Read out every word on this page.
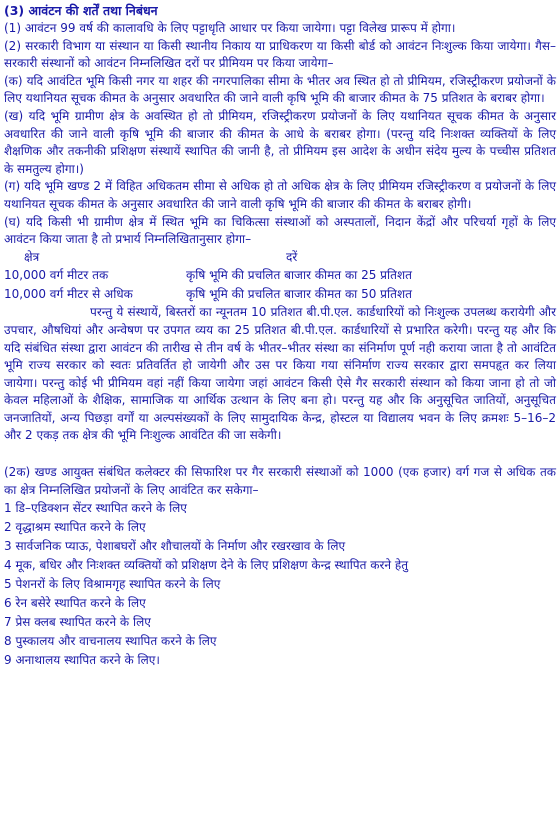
(3) आवंटन की शर्तें तथा निबंधन

(1) आवंटन 99 वर्ष की कालावधि के लिए पट्टाधृति आधार पर किया जायेगा। पट्टा विलेख प्रारूप में होगा।

(2) सरकारी विभाग या संस्थान या किसी स्थानीय निकाय या प्राधिकरण या किसी बोर्ड को आवंटन निःशुल्क किया जायेगा। गैस–सरकारी संस्थानों को आवंटन निम्नलिखित दरों पर प्रीमियम पर किया जायेगा–

(क) यदि आवंटित भूमि किसी नगर या शहर की नगरपालिका सीमा के भीतर अव स्थित हो तो प्रीमियम, रजिस्ट्रीकरण प्रयोजनों के लिए यथानियत सूचक कीमत के अनुसार अवधारित की जाने वाली कृषि भूमि की बाजार कीमत के 75 प्रतिशत के बराबर होगा।

(ख) यदि भूमि ग्रामीण क्षेत्र के अवस्थित हो तो प्रीमियम, रजिस्ट्रीकरण प्रयोजनों के लिए यथानियत सूचक कीमत के अनुसार अवधारित की जाने वाली कृषि भूमि की बाजार की कीमत के आधे के बराबर होगा। (परन्तु यदि निःशक्त व्यक्तियों के लिए शैक्षणिक और तकनीकी प्रशिक्षण संस्थायें स्थापित की जानी है, तो प्रीमियम इस आदेश के अधीन संदेय मुल्य के पच्चीस प्रतिशत के समतुल्य होगा।)

(ग) यदि भूमि खण्ड 2 में विहित अधिकतम सीमा से अधिक हो तो अधिक क्षेत्र के लिए प्रीमियम रजिस्ट्रीकरण व प्रयोजनों के लिए यथानियत सूचक कीमत के अनुसार अवधारित की जाने वाली कृषि भूमि की बाजार की कीमत के बराबर होगी।

(घ) यदि किसी भी ग्रामीण क्षेत्र में स्थित भूमि का चिकित्सा संस्थाओं को अस्पतालों, निदान केंद्रों और परिचर्या गृहों के लिए आवंटन किया जाता है तो प्रभार्य निम्नलिखितानुसार होगा–

क्षेत्र	दरें
10,000 वर्ग मीटर तक	कृषि भूमि की प्रचलित बाजार कीमत का 25 प्रतिशत
10,000 वर्ग मीटर से अधिक	कृषि भूमि की प्रचलित बाजार कीमत का 50 प्रतिशत

परन्तु ये संस्थायें, बिस्तरों का न्यूनतम 10 प्रतिशत बी.पी.एल. कार्डधारियों को निःशुल्क उपलब्ध करायेगी और उपचार, औषधियां और अन्वेषण पर उपगत व्यय का 25 प्रतिशत बी.पी.एल. कार्डधारियों से प्रभारित करेगी। परन्तु यह और कि यदि संबंधित संस्था द्वारा आवंटन की तारीख से तीन वर्ष के भीतर–भीतर संस्था का संनिर्माण पूर्ण नही कराया जाता है तो आवंटित भूमि राज्य सरकार को स्वतः प्रतिवर्तित हो जायेगी और उस पर किया गया संनिर्माण राज्य सरकार द्वारा समपहृत कर लिया जायेगा। परन्तु कोई भी प्रीमियम वहां नहीं किया जायेगा जहां आवंटन किसी ऐसे गैर सरकारी संस्थान को किया जाना हो तो जो केवल महिलाओं के शैक्षिक, सामाजिक या आर्थिक उत्थान के लिए बना हो। परन्तु यह और कि अनुसूचित जातियों, अनुसूचित जनजातियों, अन्य पिछड़ा वर्गों या अल्पसंख्यकों के लिए सामुदायिक केन्द्र, होस्टल या विद्यालय भवन के लिए क्रमशः 5–16–2 और 2 एकड़ तक क्षेत्र की भूमि निःशुल्क आवंटित की जा सकेगी।

(2क) खण्ड आयुक्त संबंधित कलेक्टर की सिफारिश पर गैर सरकारी संस्थाओं को 1000 (एक हजार) वर्ग गज से अधिक तक का क्षेत्र निम्नलिखित प्रयोजनों के लिए आवंटित कर सकेगा–

1 डि–एडिक्शन सेंटर स्थापित करने के लिए

2 वृद्धाश्रम स्थापित करने के लिए

3 सार्वजनिक प्याऊ, पेशाबघरों और शौचालयों के निर्माण और रखरखाव के लिए

4 मूक, बधिर और निःशक्त व्यक्तियों को प्रशिक्षण देने के लिए प्रशिक्षण केन्द्र स्थापित करने हेतु

5 पेशनरों के लिए विश्रामगृह स्थापित करने के लिए

6 रेन बसेरे स्थापित करने के लिए

7 प्रेस क्लब स्थापित करने के लिए

8 पुस्कालय और वाचनालय स्थापित करने के लिए

9 अनाथालय स्थापित करने के लिए।
